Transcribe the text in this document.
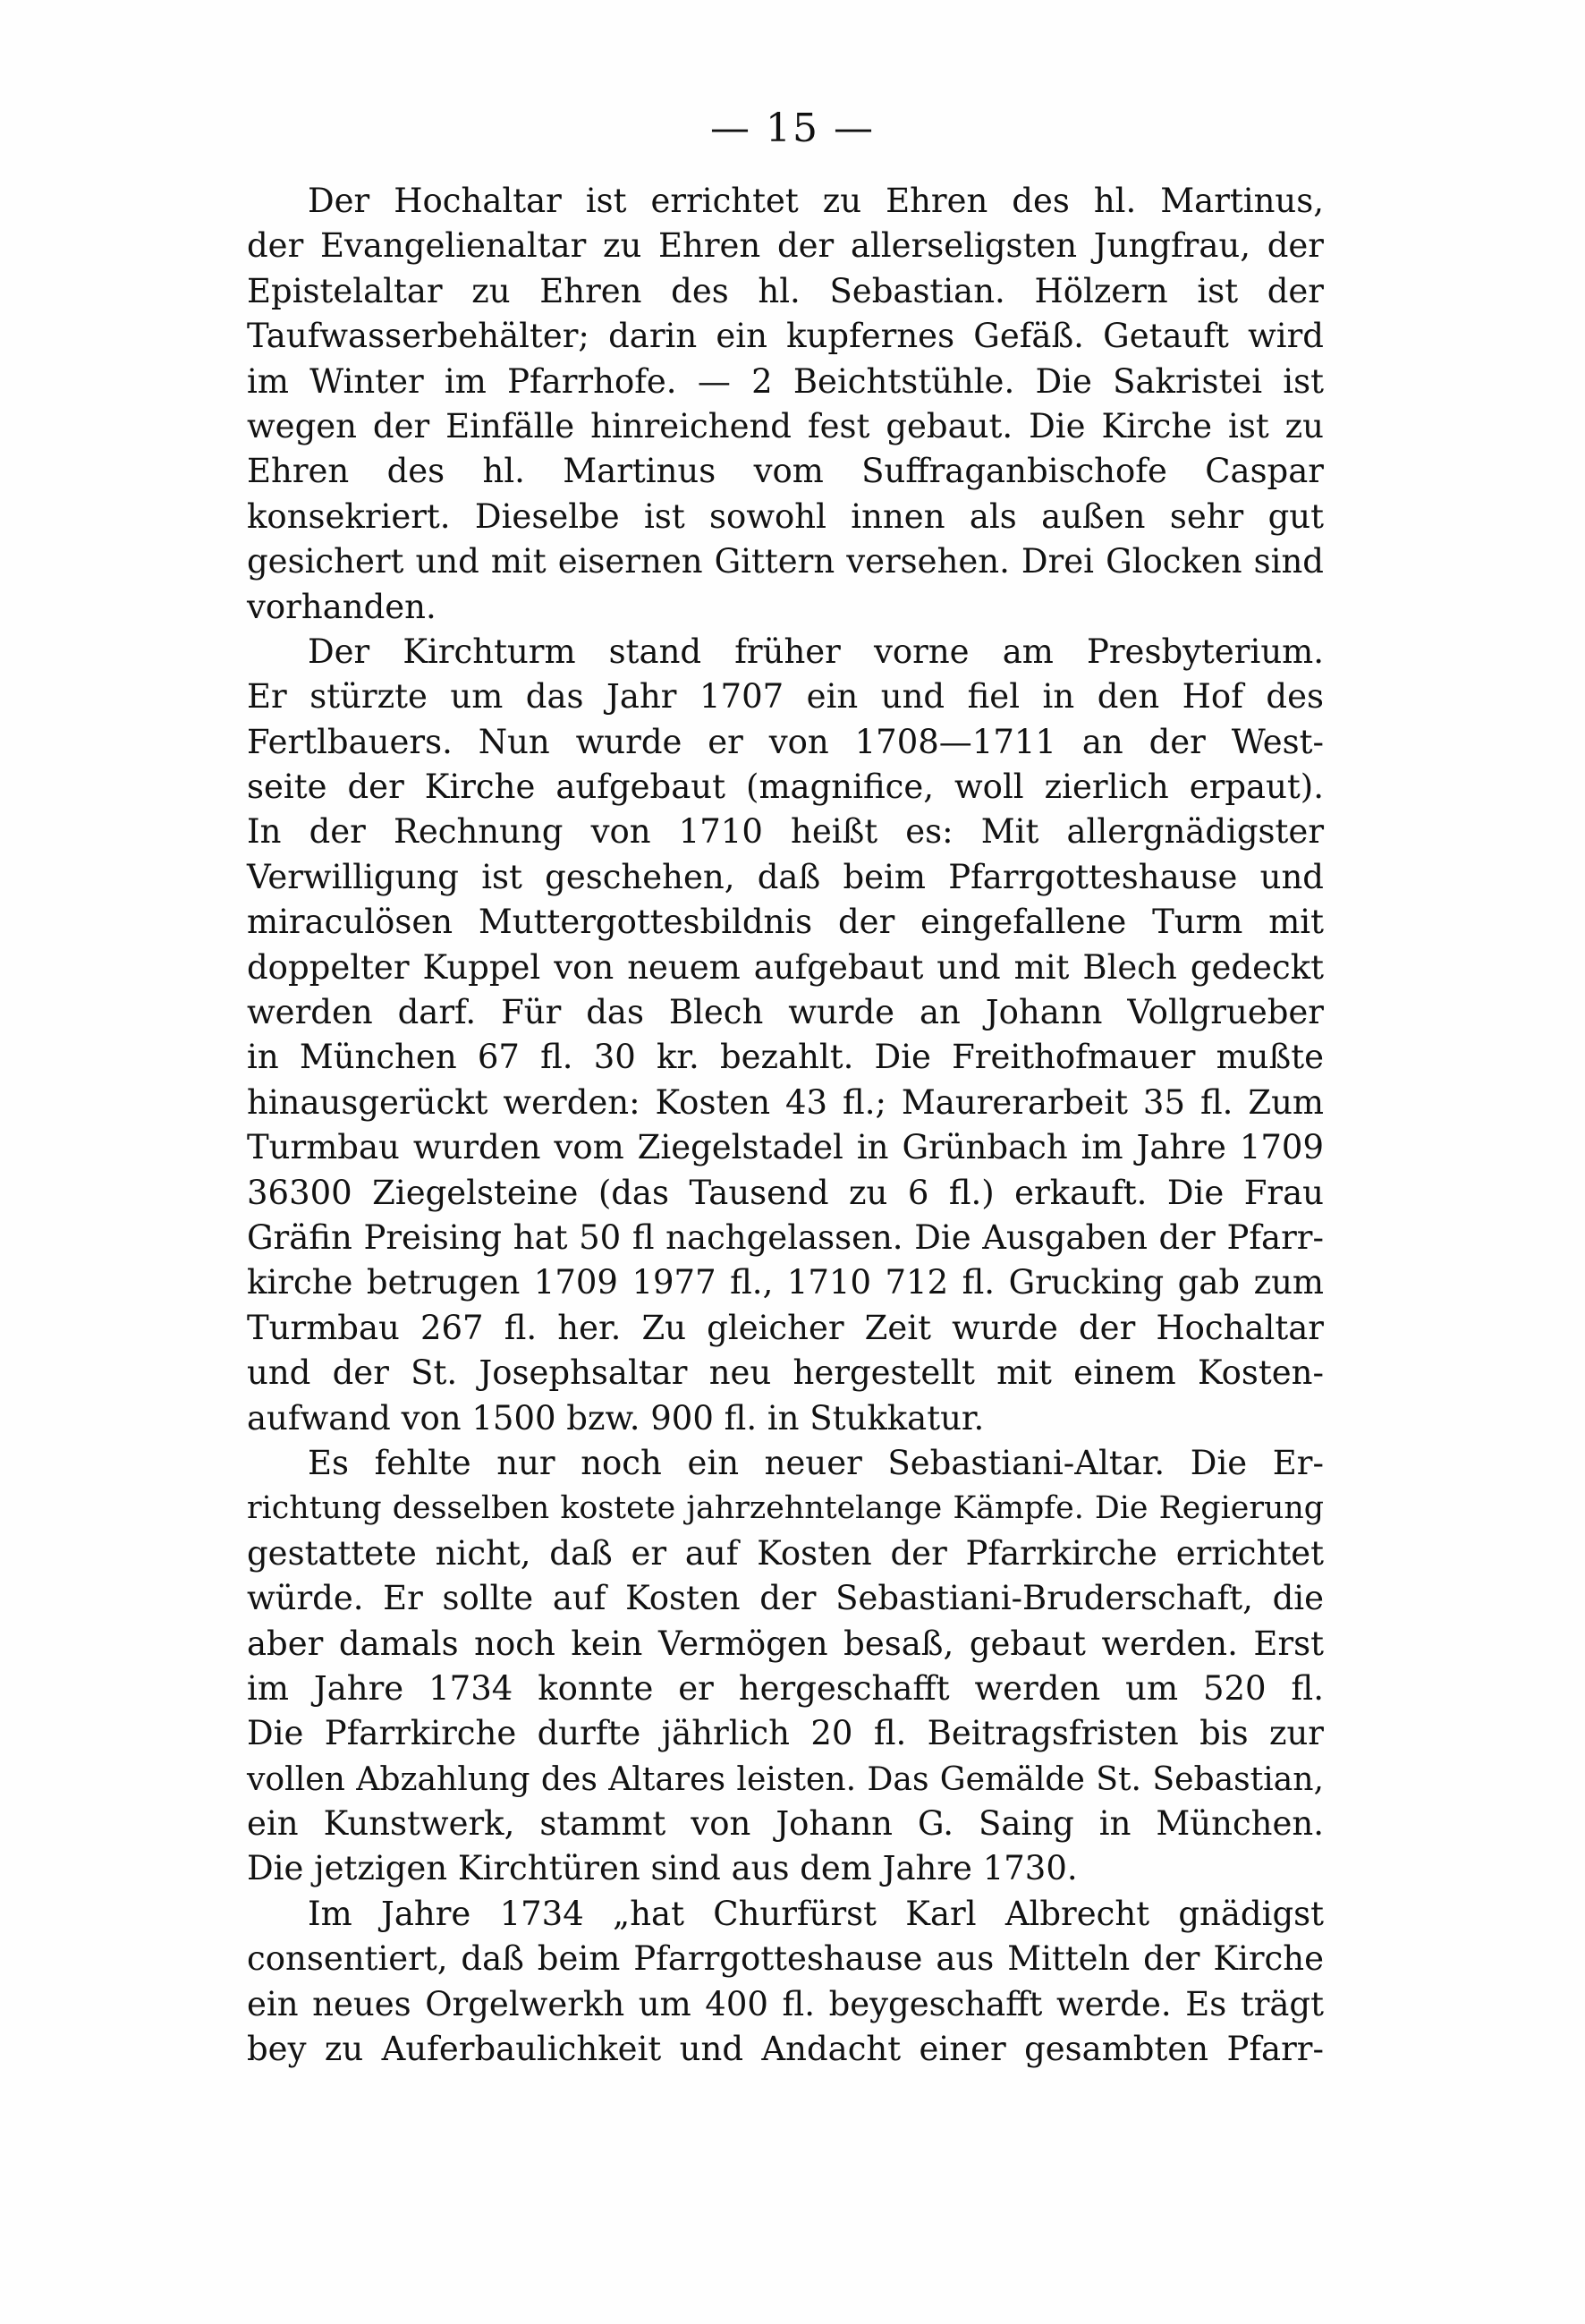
— 15 —
Der Hochaltar ist errichtet zu Ehren des hl. Martinus,
der Evangelienaltar zu Ehren der allerseligsten Jungfrau, der
Epistelaltar zu Ehren des hl. Sebastian. Hölzern ist der
Taufwasserbehälter; darin ein kupfernes Gefäß. Getauft wird
im Winter im Pfarrhofe. — 2 Beichtstühle. Die Sakristei ist
wegen der Einfälle hinreichend fest gebaut. Die Kirche ist zu
Ehren des hl. Martinus vom Suffraganbischofe Caspar
konsekriert. Dieselbe ist sowohl innen als außen sehr gut
gesichert und mit eisernen Gittern versehen. Drei Glocken sind
vorhanden.
Der Kirchturm stand früher vorne am Presbyterium.
Er stürzte um das Jahr 1707 ein und fiel in den Hof des
Fertlbauers. Nun wurde er von 1708—1711 an der West-
seite der Kirche aufgebaut (magnifice, woll zierlich erpaut).
In der Rechnung von 1710 heißt es: Mit allergnädigster
Verwilligung ist geschehen, daß beim Pfarrgotteshause und
miraculösen Muttergottesbildnis der eingefallene Turm mit
doppelter Kuppel von neuem aufgebaut und mit Blech gedeckt
werden darf. Für das Blech wurde an Johann Vollgrueber
in München 67 fl. 30 kr. bezahlt. Die Freithofmauer mußte
hinausgerückt werden: Kosten 43 fl.; Maurerarbeit 35 fl. Zum
Turmbau wurden vom Ziegelstadel in Grünbach im Jahre 1709
36300 Ziegelsteine (das Tausend zu 6 fl.) erkauft. Die Frau
Gräfin Preising hat 50 fl nachgelassen. Die Ausgaben der Pfarr-
kirche betrugen 1709 1977 fl., 1710 712 fl. Grucking gab zum
Turmbau 267 fl. her. Zu gleicher Zeit wurde der Hochaltar
und der St. Josephsaltar neu hergestellt mit einem Kosten-
aufwand von 1500 bzw. 900 fl. in Stukkatur.
Es fehlte nur noch ein neuer Sebastiani-Altar. Die Er-
richtung desselben kostete jahrzehntelange Kämpfe. Die Regierung
gestattete nicht, daß er auf Kosten der Pfarrkirche errichtet
würde. Er sollte auf Kosten der Sebastiani-Bruderschaft, die
aber damals noch kein Vermögen besaß, gebaut werden. Erst
im Jahre 1734 konnte er hergeschafft werden um 520 fl.
Die Pfarrkirche durfte jährlich 20 fl. Beitragsfristen bis zur
vollen Abzahlung des Altares leisten. Das Gemälde St. Sebastian,
ein Kunstwerk, stammt von Johann G. Saing in München.
Die jetzigen Kirchtüren sind aus dem Jahre 1730.
Im Jahre 1734 „hat Churfürst Karl Albrecht gnädigst
consentiert, daß beim Pfarrgotteshause aus Mitteln der Kirche
ein neues Orgelwerkh um 400 fl. beygeschafft werde. Es trägt
bey zu Auferbaulichkeit und Andacht einer gesambten Pfarr-
